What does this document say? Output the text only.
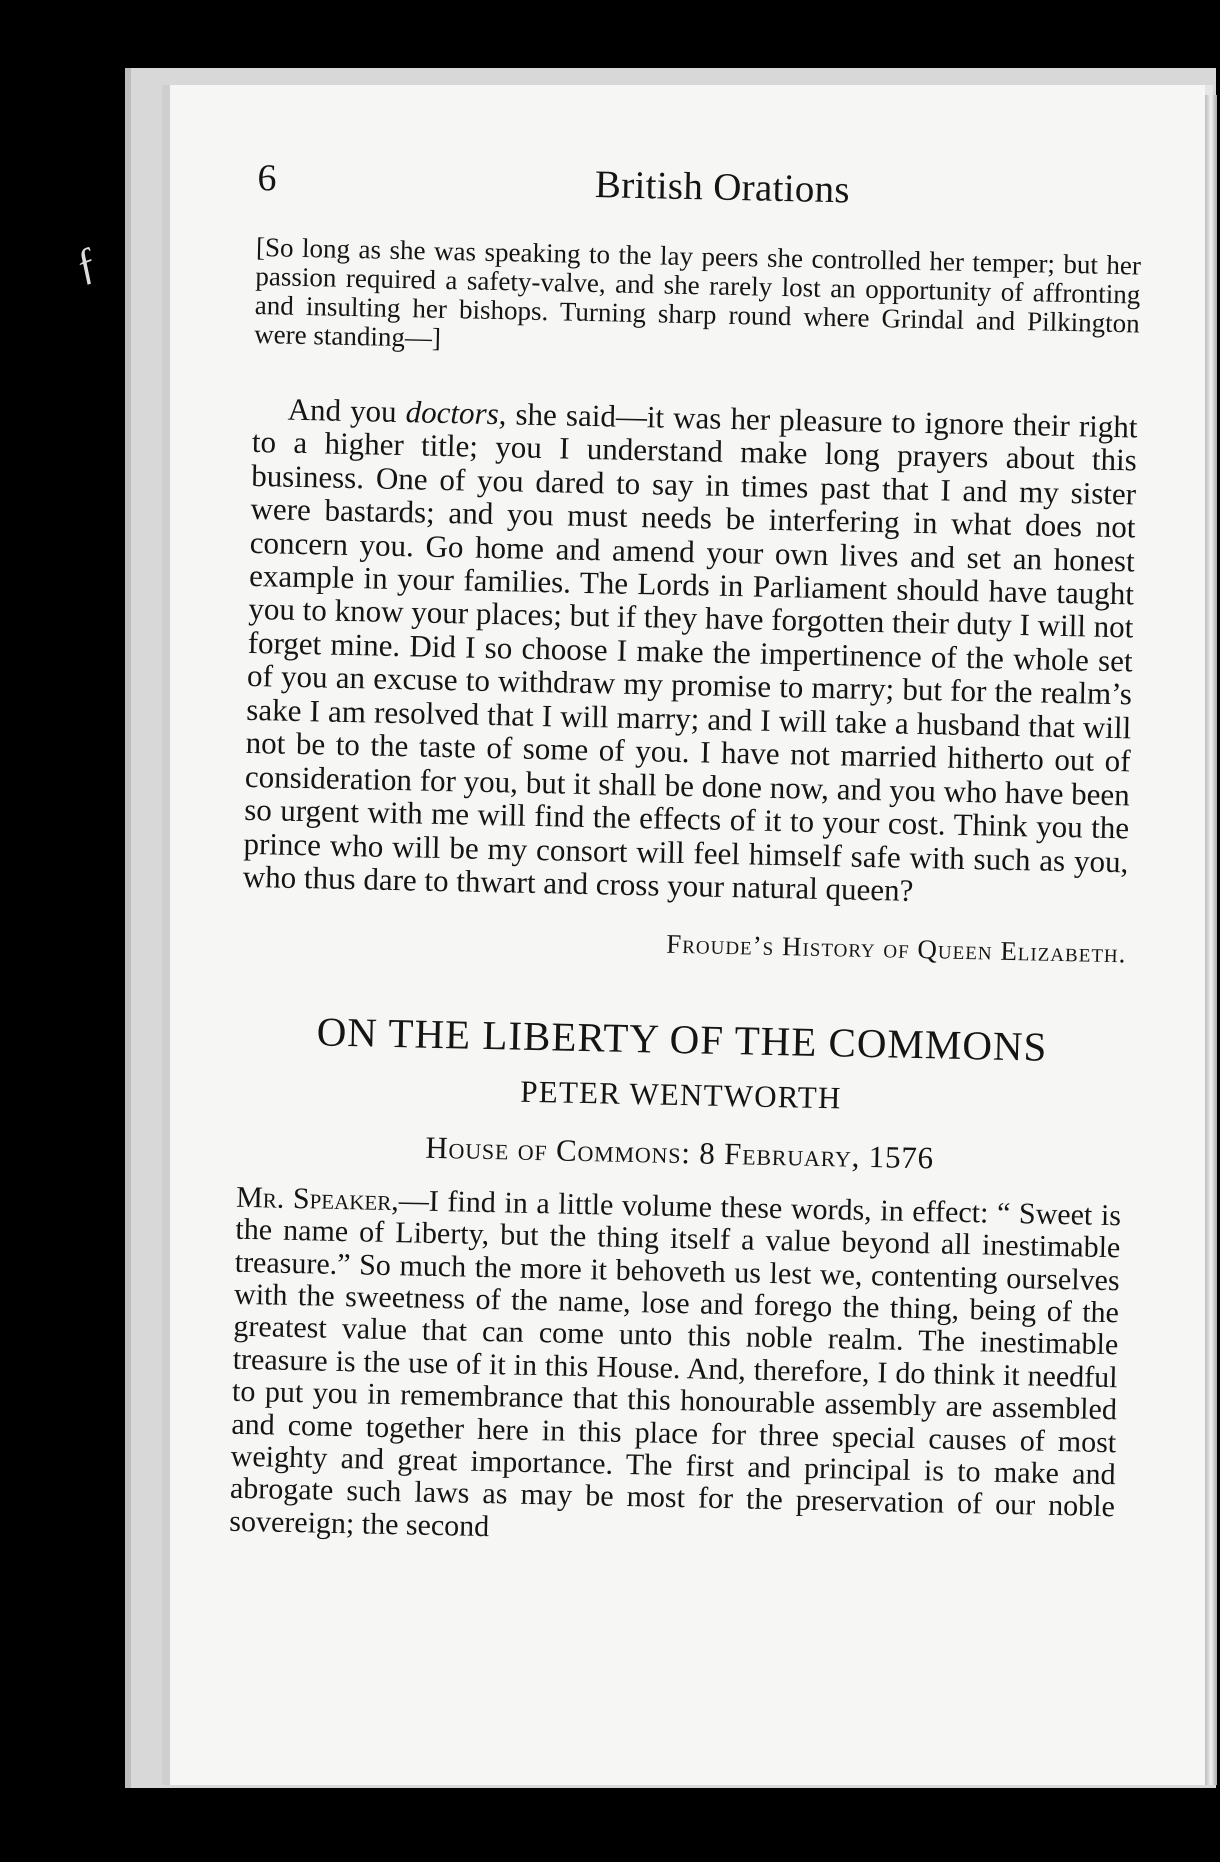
ƒ
6	British Orations

[So long as she was speaking to the lay peers she controlled her temper; but her passion required a safety-valve, and she rarely lost an opportunity of affronting and insulting her bishops. Turning sharp round where Grindal and Pilkington were standing—]

And you doctors, she said—it was her pleasure to ignore their right to a higher title; you I understand make long prayers about this business. One of you dared to say in times past that I and my sister were bastards; and you must needs be interfering in what does not concern you. Go home and amend your own lives and set an honest example in your families. The Lords in Parliament should have taught you to know your places; but if they have forgotten their duty I will not forget mine. Did I so choose I make the impertinence of the whole set of you an excuse to withdraw my promise to marry; but for the realm’s sake I am resolved that I will marry; and I will take a husband that will not be to the taste of some of you. I have not married hitherto out of consideration for you, but it shall be done now, and you who have been so urgent with me will find the effects of it to your cost. Think you the prince who will be my consort will feel himself safe with such as you, who thus dare to thwart and cross your natural queen?

Froude’s History of Queen Elizabeth.
ON THE LIBERTY OF THE COMMONS
PETER WENTWORTH
House of Commons: 8 February, 1576

Mr. Speaker,—I find in a little volume these words, in effect: “ Sweet is the name of Liberty, but the thing itself a value beyond all inestimable treasure.” So much the more it behoveth us lest we, contenting ourselves with the sweetness of the name, lose and forego the thing, being of the greatest value that can come unto this noble realm. The inestimable treasure is the use of it in this House. And, therefore, I do think it needful to put you in remembrance that this honourable assembly are assembled and come together here in this place for three special causes of most weighty and great importance. The first and principal is to make and abrogate such laws as may be most for the preservation of our noble sovereign; the second
